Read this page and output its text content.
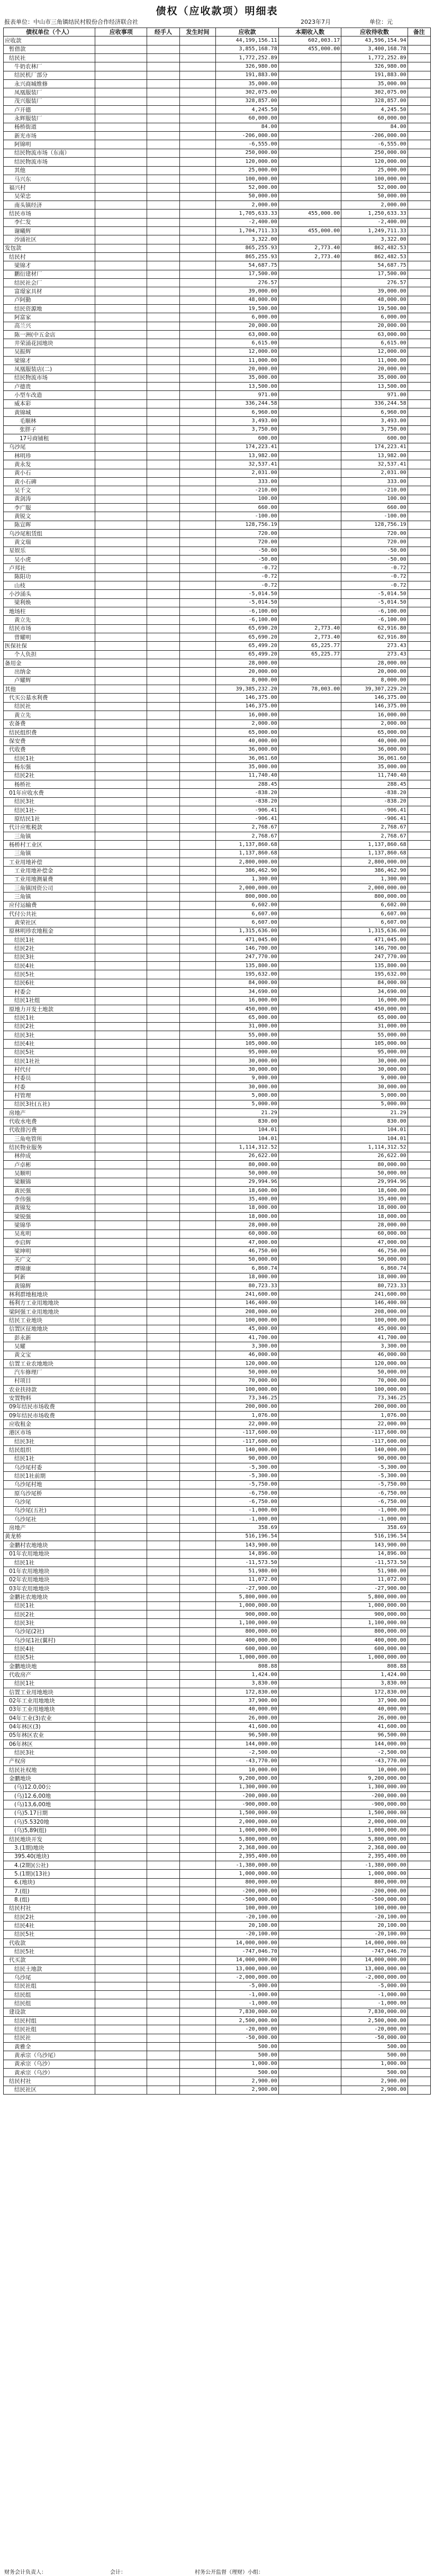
债权（应收款项）明细表
报表单位：中山市三角镇结民村股份合作经济联合社	2023年7月	单位：元
债权单位（个人）	应收事项	经手人	发生时间	应收款	本期收入数	应收待收数	备注
应收款				44,199,156.11	602,003.17	43,596,154.94	
暂借款				3,855,168.78	455,000.00	3,400,168.78	
结民社				1,772,252.89		1,772,252.89	
牛奶农林厂				326,980.00		326,980.00	
结民机厂部分				191,883.00		191,883.00	
永兴商城维修				35,000.00		35,000.00	
凤凰服装厂				302,075.00		302,075.00	
茂兴服装厂				328,857.00		328,857.00	
卢开德				4,245.50		4,245.50	
永辉服装厂				60,000.00		60,000.00	
杨桥街道				84.00		84.00	
新光市场				-206,000.00		-206,000.00	
阿锦明				-6,555.00		-6,555.00	
结民物流市场（东南）				250,000.00		250,000.00	
结民物流市场				120,000.00		120,000.00	
其他				25,000.00		25,000.00	
马兴东				100,000.00		100,000.00	
福兴村				52,000.00		52,000.00	
吴荣忠				50,000.00		50,000.00	
南头镇经济				2,000.00		2,000.00	
结民市场				1,705,633.33	455,000.00	1,250,633.33	
李仁发				-2,400.00		-2,400.00	
谢曦辉				1,704,711.33	455,000.00	1,249,711.33	
沙涌社区				3,322.00		3,322.00	
发包款				865,255.93	2,773.40	862,482.53	
结民村				865,255.93	2,773.40	862,482.53	
梁锦才				54,687.75		54,687.75	
鹏衍建材厂				17,500.00		17,500.00	
结民社会厂				276.57		276.57	
富璟家具材				39,000.00		39,000.00	
卢阿勤				48,000.00		48,000.00	
结民资源地				19,500.00		19,500.00	
阿富家				6,000.00		6,000.00	
高兰兴				20,000.00		20,000.00	
陈一洲(中五金店				63,000.00		63,000.00	
井荣涌花园地块				6,615.00		6,615.00	
吴振辉				12,000.00		12,000.00	
梁锦才				11,000.00		11,000.00	
凤凰服装店(二)				20,000.00		20,000.00	
结民物流市场				35,000.00		35,000.00	
卢德贵				13,500.00		13,500.00	
小型车改造				971.00		971.00	
威本彩				336,244.58		336,244.58	
黄锦城				6,960.00		6,960.00	
毛顺林				3,493.00		3,493.00	
张胖子				3,750.00		3,750.00	
17号商铺租				600.00		600.00	
乌沙尾				174,223.41		174,223.41	
林明珍				13,982.00		13,982.00	
黄永发				32,537.41		32,537.41	
黄小石				2,031.00		2,031.00	
黄小石碑				333.00		333.00	
吴千文				-210.00		-210.00	
黄剑涛				100.00		100.00	
李广服				660.00		660.00	
黄锐文				-100.00		-100.00	
陈宣晖				128,756.19		128,756.19	
乌沙尾租赁组				720.00		720.00	
黄文瑞				720.00		720.00	
星娱乐				-50.00		-50.00	
吴小虎				-50.00		-50.00	
卢邦社				-0.72		-0.72	
陈阳功				-0.72		-0.72	
山枝				-0.72		-0.72	
小沙涌头				-5,014.50		-5,014.50	
梁利焕				-5,014.50		-5,014.50	
地场柱				-6,100.00		-6,100.00	
黄立先				-6,100.00		-6,100.00	
结民市场				65,690.20	2,773.40	62,916.80	
曾耀明				65,690.20	2,773.40	62,916.80	
医保社保				65,499.20	65,225.77	273.43	
个人负担				65,499.20	65,225.77	273.43	
备用金				28,000.00		28,000.00	
出纳金				20,000.00		20,000.00	
卢耀辉				8,000.00		8,000.00	
其他				39,385,232.20	78,003.00	39,307,229.20	
代买公墓水利费				146,375.00		146,375.00	
结民社				146,375.00		146,375.00	
黄立先				16,000.00		16,000.00	
农备费				2,000.00		2,000.00	
结民组织费				65,000.00		65,000.00	
保安费				40,000.00		40,000.00	
代收费				36,000.00		36,000.00	
结民1社				36,061.60		36,061.60	
杨东强				35,000.00		35,000.00	
结民2社				11,740.40		11,740.40	
杨桥社				288.45		288.45	
01年应收水费				-838.20		-838.20	
结民3社				-838.20		-838.20	
结民1社-				-906.41		-906.41	
原结民1社				-906.41		-906.41	
代计应账税款				2,768.67		2,768.67	
三角镇				2,768.67		2,768.67	
杨桥村工业区				1,137,860.68		1,137,860.68	
三角镇				1,137,860.68		1,137,860.68	
工业用地补偿				2,800,000.00		2,800,000.00	
工业用地补偿金				386,462.90		386,462.90	
工业用地测量费				1,300.00		1,300.00	
三角镇国资公司				2,000,000.00		2,000,000.00	
三角镇				800,000.00		800,000.00	
应付运输费				6,602.00		6,602.00	
代付公共社				6,607.00		6,607.00	
黄荣社区				6,607.00		6,607.00	
原林明珍农地租金				1,315,636.00		1,315,636.00	
结民1社				471,045.00		471,045.00	
结民2社				146,700.00		146,700.00	
结民3社				247,770.00		247,770.00	
结民4社				135,800.00		135,800.00	
结民5社				195,632.00		195,632.00	
结民6社				84,000.00		84,000.00	
村委会				34,690.00		34,690.00	
结民1社组				16,000.00		16,000.00	
原地力开发土地款				450,000.00		450,000.00	
结民1社				65,000.00		65,000.00	
结民2社				31,000.00		31,000.00	
结民3社				55,000.00		55,000.00	
结民4社				105,000.00		105,000.00	
结民5社				95,000.00		95,000.00	
结民1社社				30,000.00		30,000.00	
村代付				30,000.00		30,000.00	
村委员				9,000.00		9,000.00	
村委				30,000.00		30,000.00	
村管理				5,000.00		5,000.00	
结民3社(五社)				5,000.00		5,000.00	
房地产				21.29		21.29	
代收水电费				830.00		830.00	
代收排污费				104.01		104.01	
三角电管所				104.01		104.01	
结民物业服务				1,114,312.52		1,114,312.52	
林仲成				26,622.00		26,622.00	
卢卓彬				80,000.00		80,000.00	
吴顺明				50,000.00		50,000.00	
梁顺锦				29,994.96		29,994.96	
黄民强				18,600.00		18,600.00	
李伟强				35,400.00		35,400.00	
黄锦发				18,000.00		18,000.00	
梁锐强				18,000.00		18,000.00	
梁锦华				28,000.00		28,000.00	
吴兆明				60,000.00		60,000.00	
李启辉				47,000.00		47,000.00	
梁坤明				46,750.00		46,750.00	
关广文				50,000.00		50,000.00	
谭锦康				6,860.74		6,860.74	
阿新				18,000.00		18,000.00	
黄锦辉				80,723.33		80,723.33	
林利群地租地块				241,600.00		241,600.00	
杨利方工业用地地块				146,400.00		146,400.00	
梁阿强工业用地地块				208,000.00		208,000.00	
结民工业地块				100,000.00		100,000.00	
信置区征地地块				45,000.00		45,000.00	
彭永新				41,700.00		41,700.00	
吴耀				3,300.00		3,300.00	
黄文宝				46,000.00		46,000.00	
信置工业农地地块				120,000.00		120,000.00	
汽车修理厂				50,000.00		50,000.00	
村项目				70,000.00		70,000.00	
农业扶持款				100,000.00		100,000.00	
安置物料				73,346.25		73,346.25	
09年结民市场收费				200,000.00		200,000.00	
09年结民市场收费				1,076.00		1,076.00	
应收租金				22,000.00		22,000.00	
港区市场				-117,600.00		-117,600.00	
结民3社				-117,600.00		-117,600.00	
结民组织				140,000.00		140,000.00	
结民1社				90,000.00		90,000.00	
乌沙尾村委				-5,300.00		-5,300.00	
结民1社前期				-5,300.00		-5,300.00	
乌沙尾村地				-5,750.00		-5,750.00	
原乌沙尾桥				-6,750.00		-6,750.00	
乌沙尾				-6,750.00		-6,750.00	
乌沙尾(五社)				-1,000.00		-1,000.00	
乌沙尾社				-1,000.00		-1,000.00	
房地产				358.69		358.69	
黄龙桥				516,196.54		516,196.54	
金鹏村农地地块				143,900.00		143,900.00	
01年农用地地块				14,896.00		14,896.00	
结民1社				-11,573.50		-11,573.50	
01年农用地地块				51,980.00		51,980.00	
02年农用地地块				11,072.00		11,072.00	
03年农用地地块				-27,900.00		-27,900.00	
金鹏社农地地块				5,800,000.00		5,800,000.00	
结民1社				1,000,000.00		1,000,000.00	
结民2社				900,000.00		900,000.00	
结民3社				1,100,000.00		1,100,000.00	
乌沙尾(2社)				800,000.00		800,000.00	
乌沙尾1社(翼村)				400,000.00		400,000.00	
结民4社				600,000.00		600,000.00	
结民5社				1,000,000.00		1,000,000.00	
金鹏地块地				808.88		808.88	
代收房产				1,424.00		1,424.00	
结民1社				3,830.00		3,830.00	
信置工业用地地块				172,830.00		172,830.00	
02年工业用地地块				37,900.00		37,900.00	
03年工业用地地块				40,000.00		40,000.00	
04年工业(3)农业				26,000.00		26,000.00	
04年林区(3)				41,600.00		41,600.00	
05年林区农业				96,500.00		96,500.00	
06年林区				144,000.00		144,000.00	
结民3社				-2,500.00		-2,500.00	
产权房				-43,770.00		-43,770.00	
结民社权地				10,000.00		10,000.00	
金鹏地块				9,200,000.00		9,200,000.00	
(乌)12.0,00公				1,300,000.00		1,300,000.00	
(乌)12.6,00地				-200,000.00		-200,000.00	
(乌)13,6,00地				-900,000.00		-900,000.00	
(乌)5.17日期				1,500,000.00		1,500,000.00	
(乌)5.5320地				2,000,000.00		2,000,000.00	
(乌)5,89(组)				1,000,000.00		1,000,000.00	
结民地块开发				5,800,000.00		5,800,000.00	
3.(1期)地块				2,368,000.00		2,368,000.00	
395.40(地块)				2,395,400.00		2,395,400.00	
4.(2期)(公社)				-1,380,000.00		-1,380,000.00	
5.(1期)(13社)				1,000,000.00		1,000,000.00	
6.(地块)				800,000.00		800,000.00	
7.(组)				-200,000.00		-200,000.00	
8.(组)				-500,000.00		-500,000.00	
结民村社				100,000.00		100,000.00	
结民2社				-20,100.00		-20,100.00	
结民4社				20,100.00		20,100.00	
结民5社				-20,100.00		-20,100.00	
代收款				14,000,000.00		14,000,000.00	
结民5社				-747,046.70		-747,046.70	
代买款				14,000,000.00		14,000,000.00	
结民土地款				13,000,000.00		13,000,000.00	
乌沙尾				-2,000,000.00		-2,000,000.00	
结民社组				-5,000.00		-5,000.00	
结民组				-1,000.00		-1,000.00	
结民组				-1,000.00		-1,000.00	
建设款				7,830,000.00		7,830,000.00	
结民村组				2,500,000.00		2,500,000.00	
结民社组				-20,000.00		-20,000.00	
结民社				-50,000.00		-50,000.00	
黄雅全				500.00		500.00	
黄承宗（乌沙尾）				500.00		500.00	
黄承宗（乌沙）				1,000.00		1,000.00	
黄承宗（乌沙）				500.00		500.00	
结民村社				2,900.00		2,900.00	
结民社区				2,900.00		2,900.00	
财务会计负责人：	会计：	村务公开监督（理财）小组：
